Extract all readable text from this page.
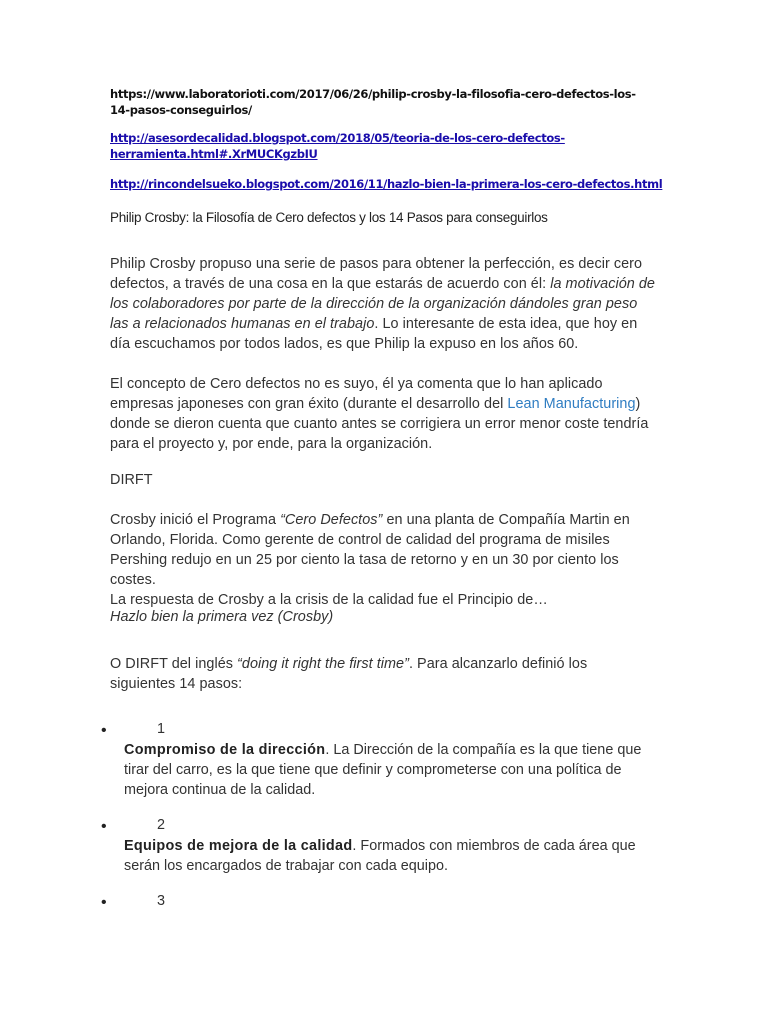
https://www.laboratorioti.com/2017/06/26/philip-crosby-la-filosofia-cero-defectos-los-14-pasos-conseguirlos/

http://asesordecalidad.blogspot.com/2018/05/teoria-de-los-cero-defectos-herramienta.html#.XrMUCKgzbIU

http://rincondelsueko.blogspot.com/2016/11/hazlo-bien-la-primera-los-cero-defectos.html

Philip Crosby: la Filosofía de Cero defectos y los 14 Pasos para conseguirlos

Philip Crosby propuso una serie de pasos para obtener la perfección, es decir cero defectos, a través de una cosa en la que estarás de acuerdo con él: la motivación de los colaboradores por parte de la dirección de la organización dándoles gran peso las a relacionados humanas en el trabajo. Lo interesante de esta idea, que hoy en día escuchamos por todos lados, es que Philip la expuso en los años 60.

El concepto de Cero defectos no es suyo, él ya comenta que lo han aplicado empresas japoneses con gran éxito (durante el desarrollo del Lean Manufacturing) donde se dieron cuenta que cuanto antes se corrigiera un error menor coste tendría para el proyecto y, por ende, para la organización.

DIRFT

Crosby inició el Programa “Cero Defectos” en una planta de Compañía Martin en Orlando, Florida. Como gerente de control de calidad del programa de misiles Pershing redujo en un 25 por ciento la tasa de retorno y en un 30 por ciento los costes.

La respuesta de Crosby a la crisis de la calidad fue el Principio de…

Hazlo bien la primera vez (Crosby)

O DIRFT del inglés “doing it right the first time”. Para alcanzarlo definió los siguientes 14 pasos:

•	1

Compromiso de la dirección. La Dirección de la compañía es la que tiene que tirar del carro, es la que tiene que definir y comprometerse con una política de mejora continua de la calidad.

•	2

Equipos de mejora de la calidad. Formados con miembros de cada área que serán los encargados de trabajar con cada equipo.

•	3
